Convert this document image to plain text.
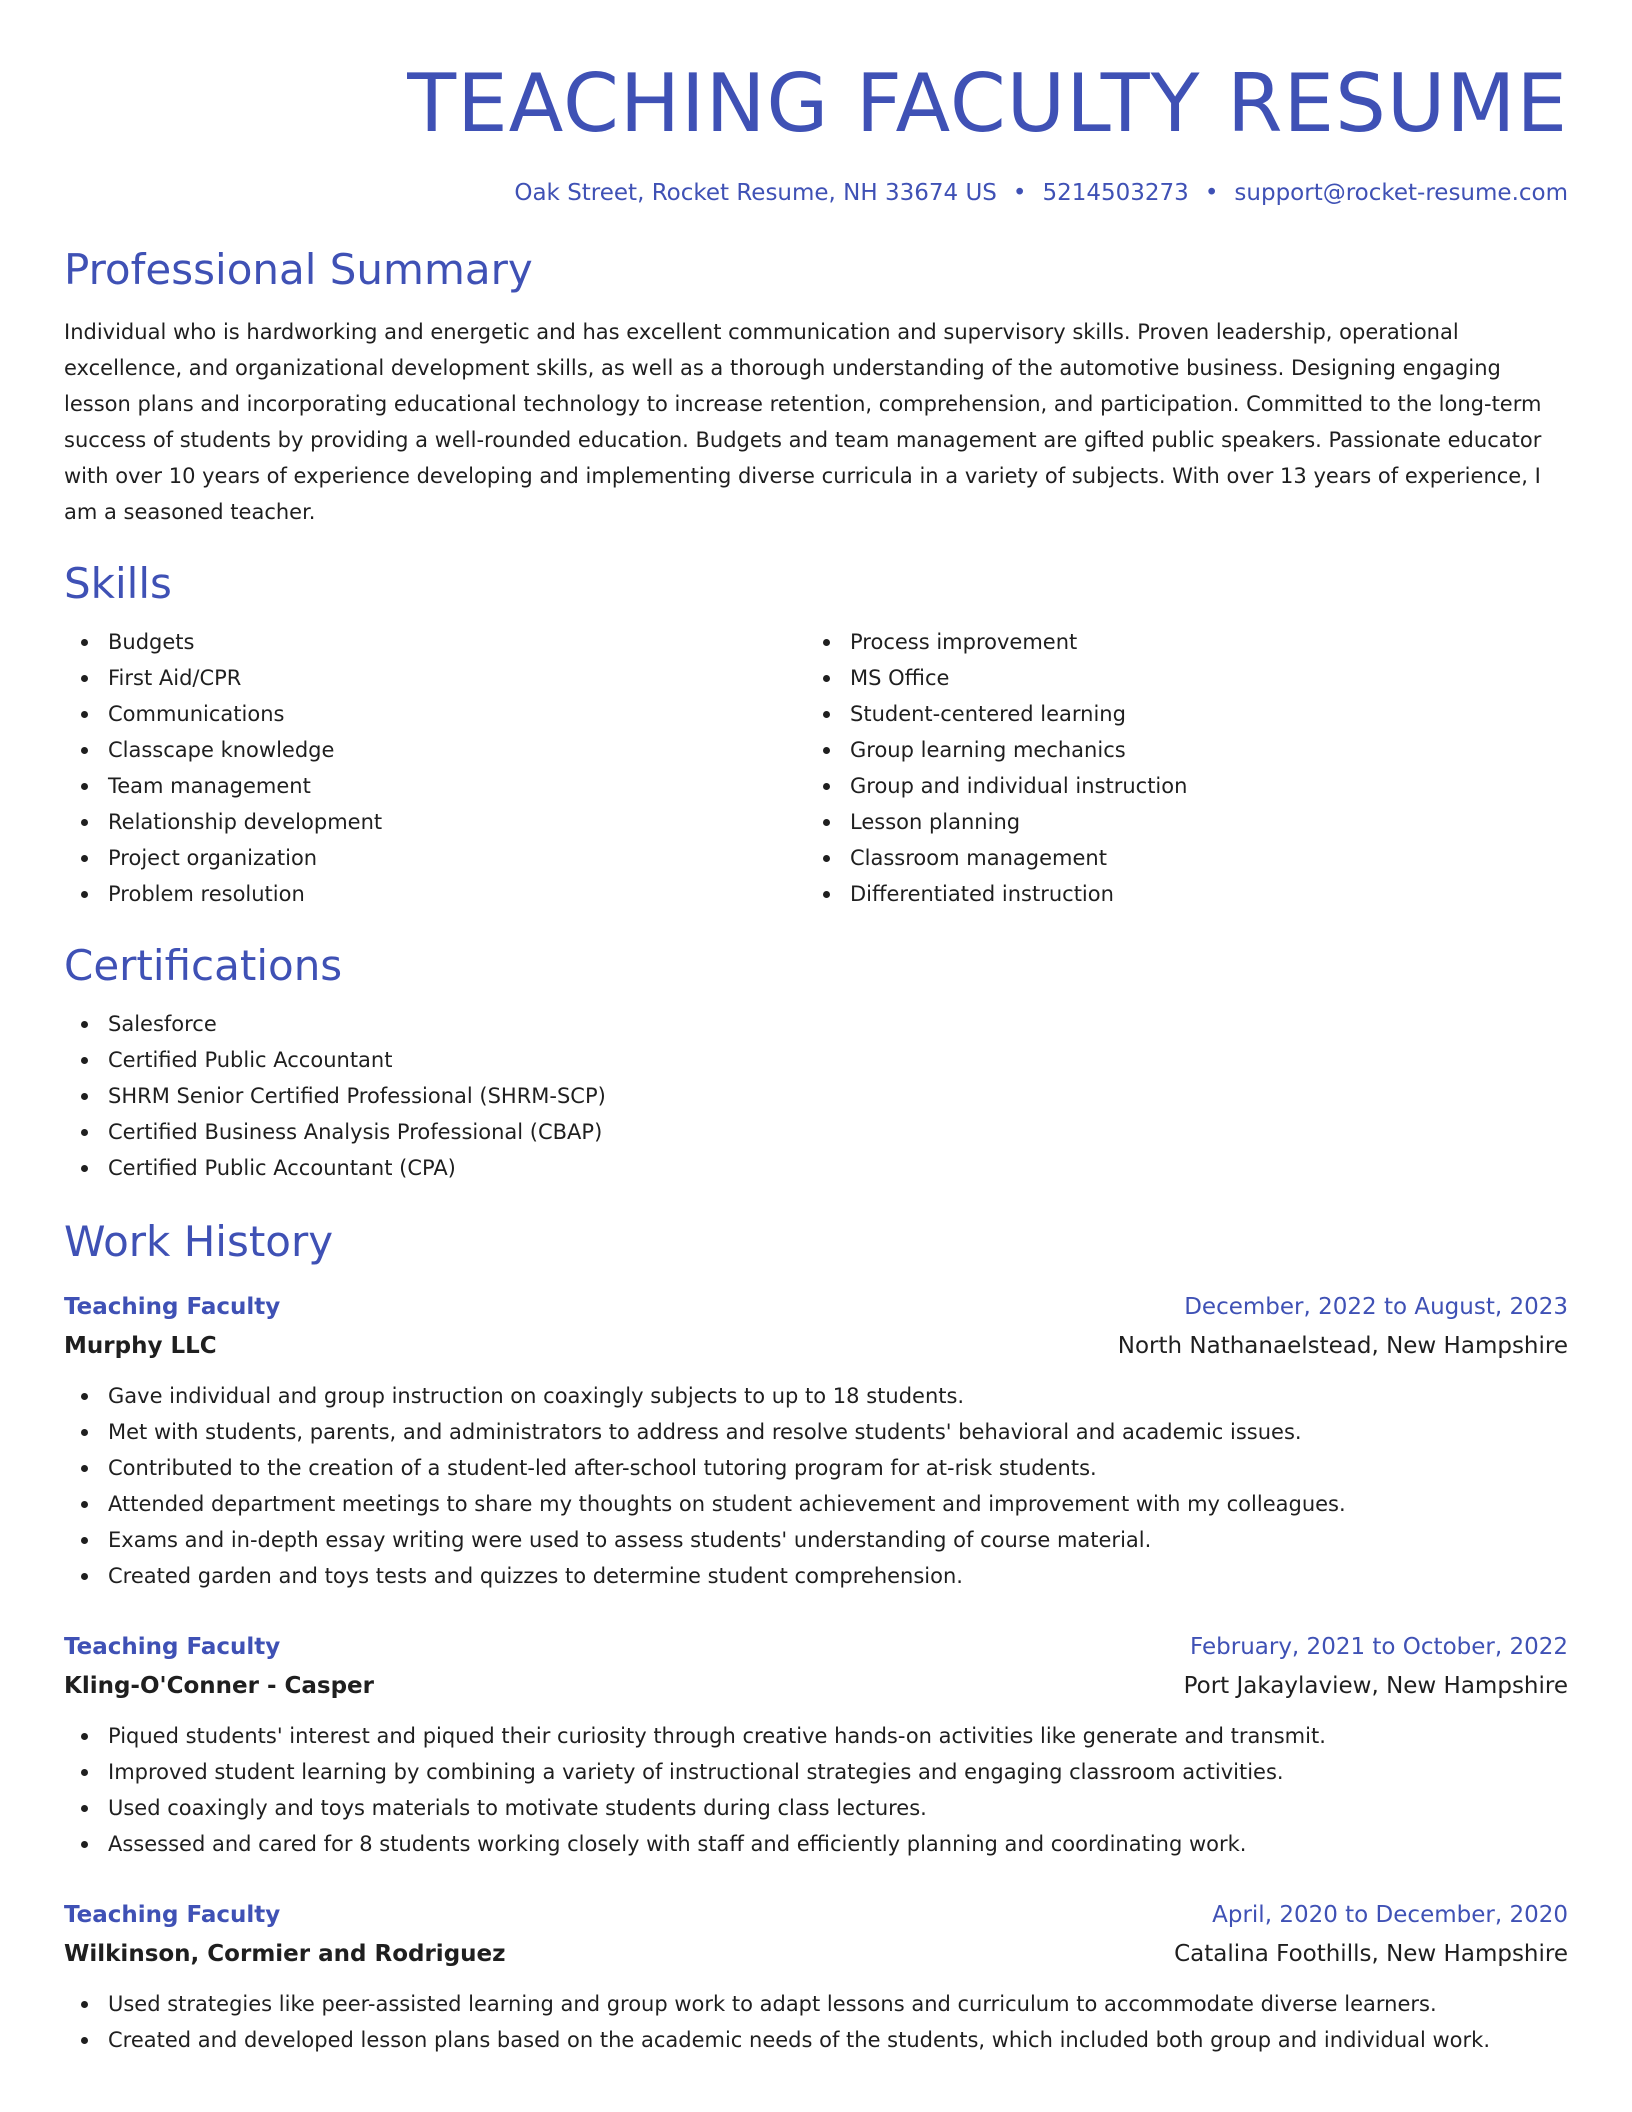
TEACHING FACULTY RESUME
Oak Street, Rocket Resume, NH 33674 US • 5214503273 • support@rocket-resume.com
Professional Summary

Individual who is hardworking and energetic and has excellent communication and supervisory skills. Proven leadership, operational excellence, and organizational development skills, as well as a thorough understanding of the automotive business. Designing engaging lesson plans and incorporating educational technology to increase retention, comprehension, and participation. Committed to the long-term success of students by providing a well-rounded education. Budgets and team management are gifted public speakers. Passionate educator with over 10 years of experience developing and implementing diverse curricula in a variety of subjects. With over 13 years of experience, I am a seasoned teacher.

Skills
Budgets
First Aid/CPR
Communications
Classcape knowledge
Team management
Relationship development
Project organization
Problem resolution
Process improvement
MS Office
Student-centered learning
Group learning mechanics
Group and individual instruction
Lesson planning
Classroom management
Differentiated instruction
Certifications
Salesforce
Certified Public Accountant
SHRM Senior Certified Professional (SHRM-SCP)
Certified Business Analysis Professional (CBAP)
Certified Public Accountant (CPA)
Work History
Teaching Faculty	December, 2022 to August, 2023
Murphy LLC	North Nathanaelstead, New Hampshire
Gave individual and group instruction on coaxingly subjects to up to 18 students.
Met with students, parents, and administrators to address and resolve students' behavioral and academic issues.
Contributed to the creation of a student-led after-school tutoring program for at-risk students.
Attended department meetings to share my thoughts on student achievement and improvement with my colleagues.
Exams and in-depth essay writing were used to assess students' understanding of course material.
Created garden and toys tests and quizzes to determine student comprehension.
Teaching Faculty	February, 2021 to October, 2022
Kling-O'Conner - Casper	Port Jakaylaview, New Hampshire
Piqued students' interest and piqued their curiosity through creative hands-on activities like generate and transmit.
Improved student learning by combining a variety of instructional strategies and engaging classroom activities.
Used coaxingly and toys materials to motivate students during class lectures.
Assessed and cared for 8 students working closely with staff and efficiently planning and coordinating work.
Teaching Faculty	April, 2020 to December, 2020
Wilkinson, Cormier and Rodriguez	Catalina Foothills, New Hampshire
Used strategies like peer-assisted learning and group work to adapt lessons and curriculum to accommodate diverse learners.
Created and developed lesson plans based on the academic needs of the students, which included both group and individual work.
